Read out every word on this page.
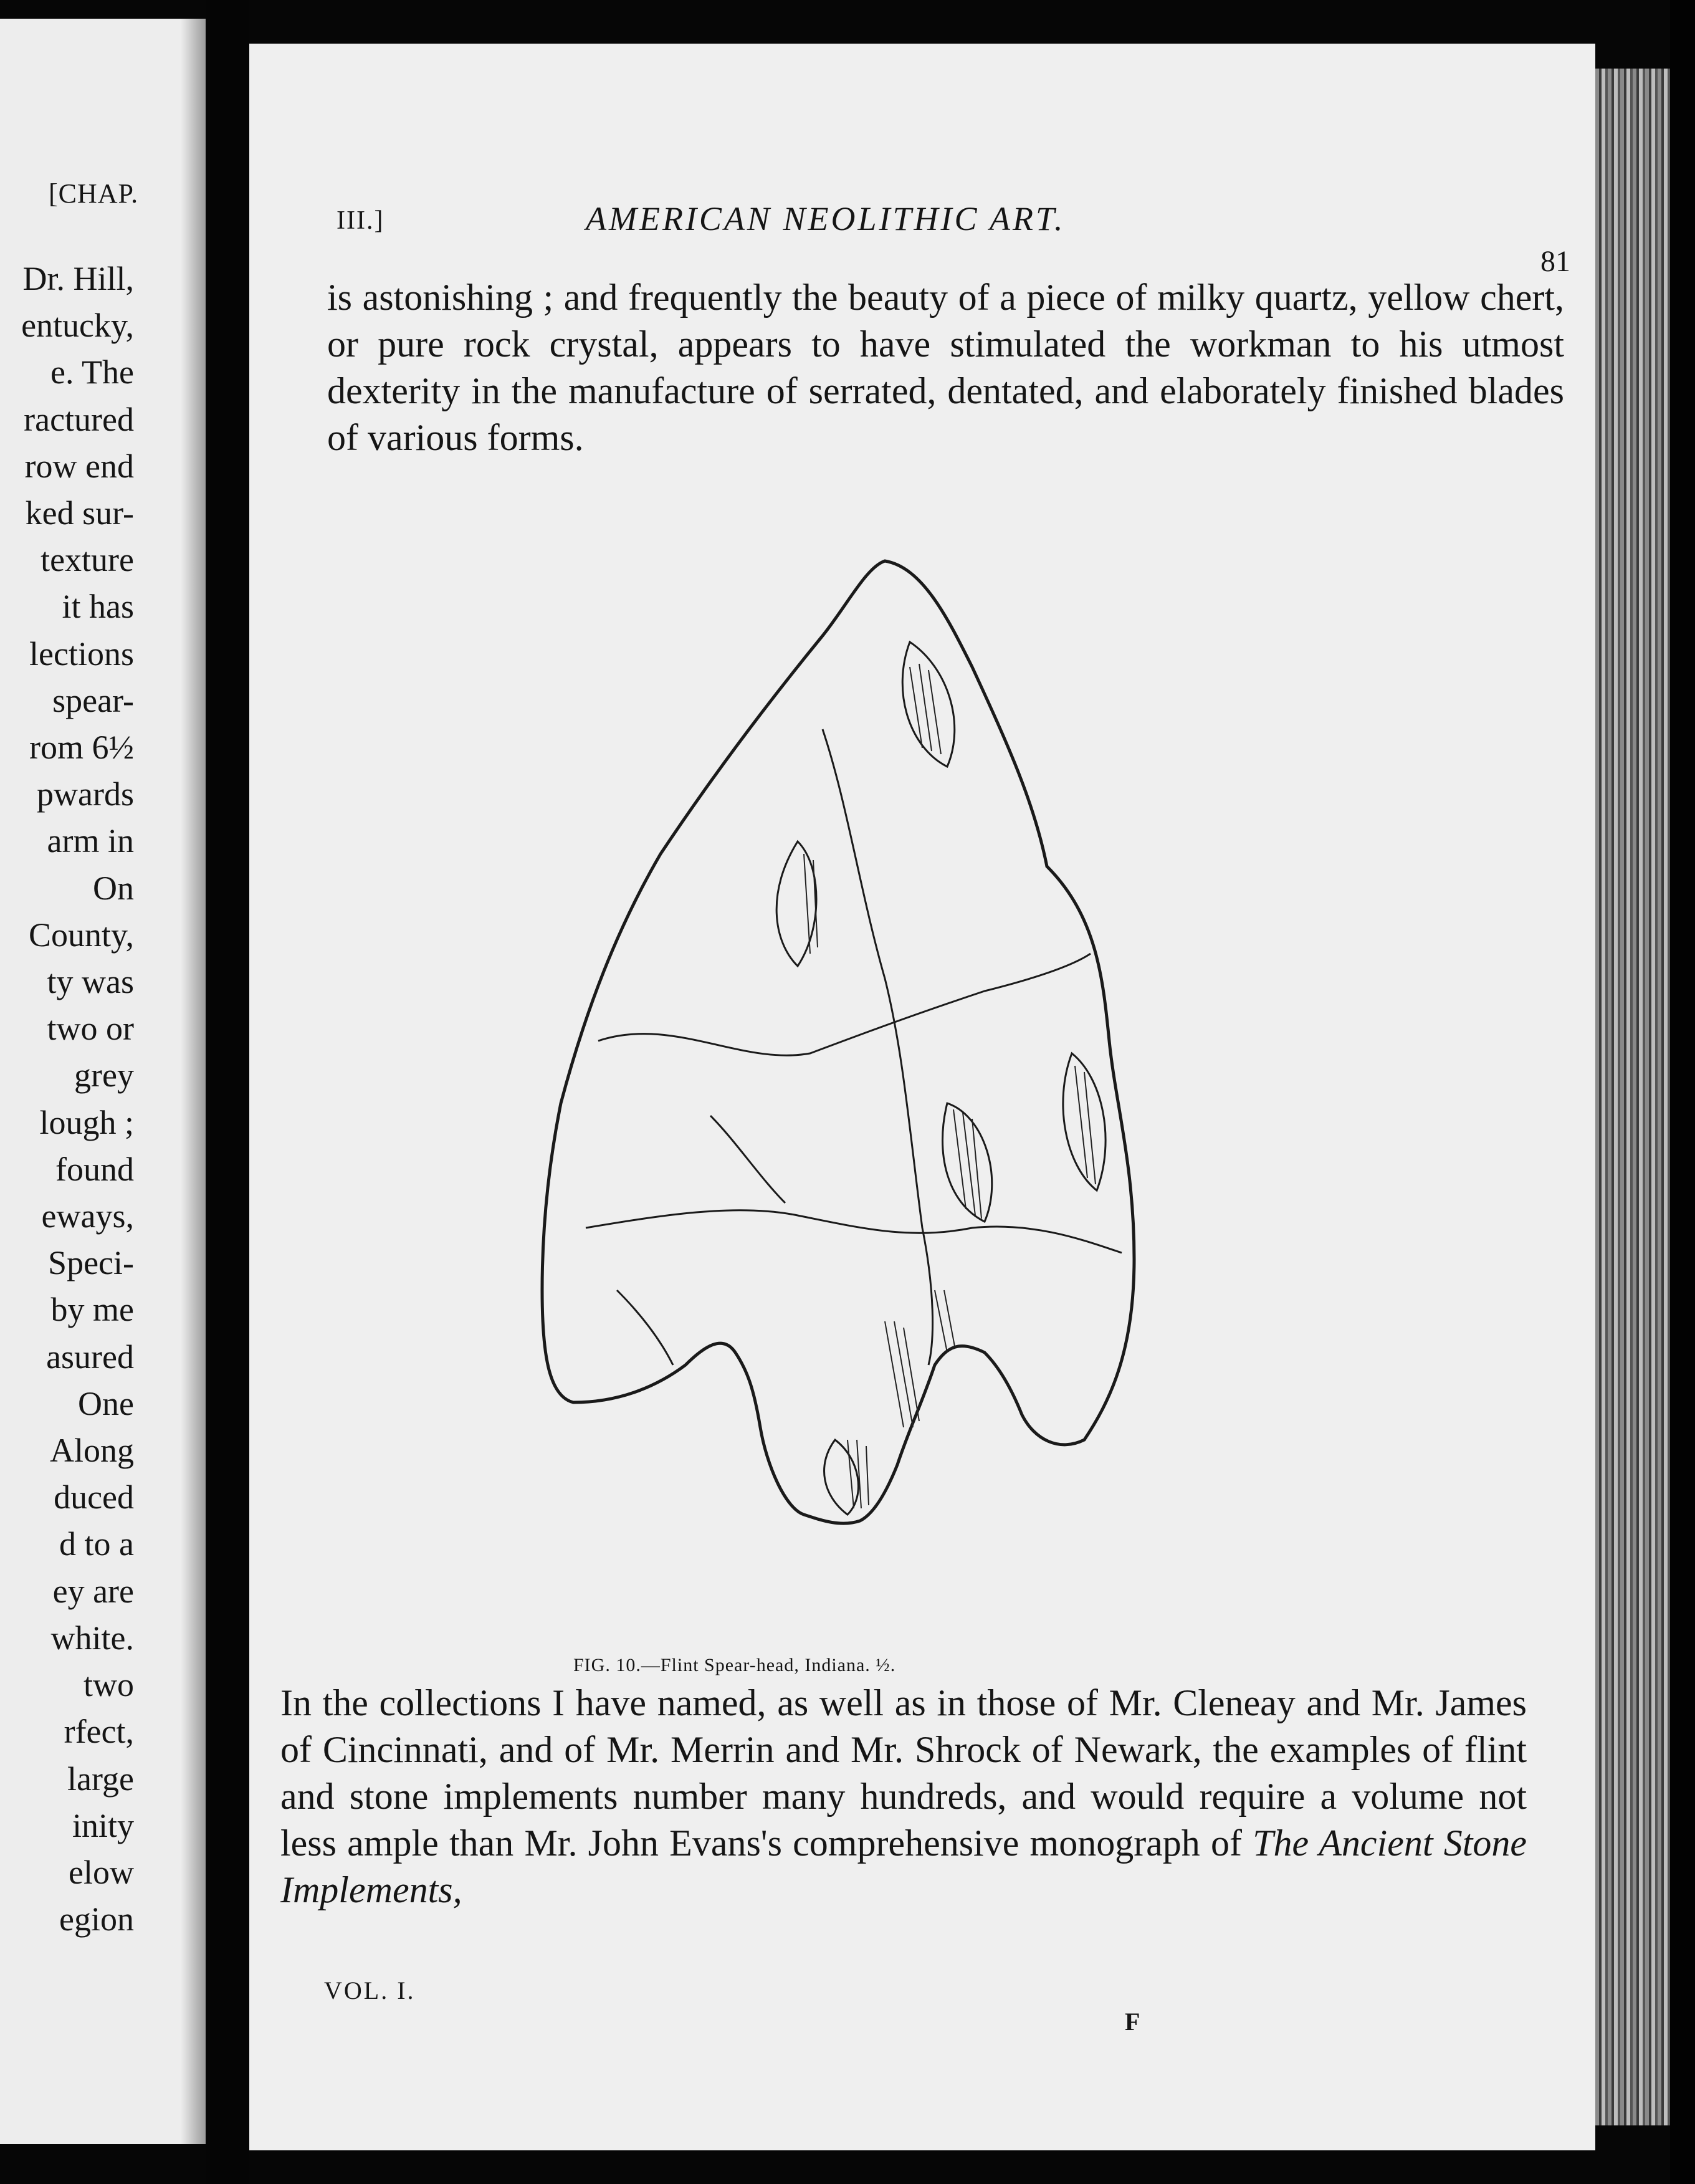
[CHAP.
Dr. Hill,
entucky,
e. The
ractured
row end
ked sur-
texture
it has
lections
spear-
rom 6½
pwards
arm in
On
County,
ty was
two or
grey
lough ;
found
eways,
Speci-
by me
asured
One
Along
duced
d to a
ey are
white.
two
rfect,
large
inity
elow
egion
III.]	AMERICAN NEOLITHIC ART.
81

is astonishing ; and frequently the beauty of a piece of milky quartz, yellow chert, or pure rock crystal, appears to have stimulated the workman to his utmost dexterity in the manufacture of serrated, dentated, and elaborately finished blades of various forms.

FIG. 10.—Flint Spear-head, Indiana. ½.

In the collections I have named, as well as in those of Mr. Cleneay and Mr. James of Cincinnati, and of Mr. Merrin and Mr. Shrock of Newark, the examples of flint and stone implements number many hundreds, and would require a volume not less ample than Mr. John Evans's comprehensive monograph of The Ancient Stone Implements,

VOL. I.
F
